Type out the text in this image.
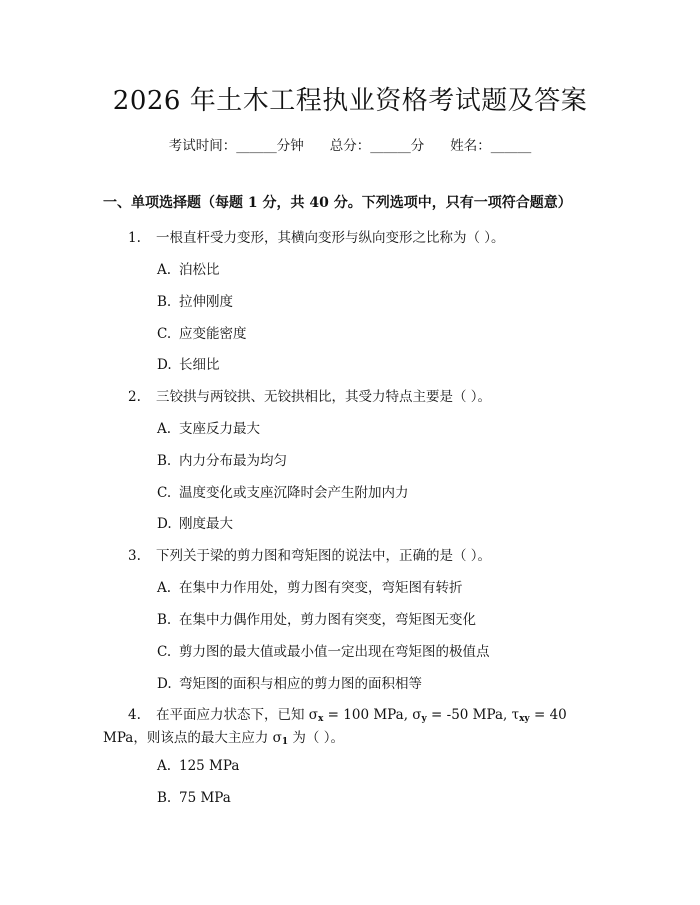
2026 年土木工程执业资格考试题及答案
考试时间：______分钟 总分：______分 姓名：______
一、单项选择题（每题 1 分，共 40 分。下列选项中，只有一项符合题意）
1. 一根直杆受力变形，其横向变形与纵向变形之比称为（ ）。
A. 泊松比
B. 拉伸刚度
C. 应变能密度
D. 长细比
2. 三铰拱与两铰拱、无铰拱相比，其受力特点主要是（ ）。
A. 支座反力最大
B. 内力分布最为均匀
C. 温度变化或支座沉降时会产生附加内力
D. 刚度最大
3. 下列关于梁的剪力图和弯矩图的说法中，正确的是（ ）。
A. 在集中力作用处，剪力图有突变，弯矩图有转折
B. 在集中力偶作用处，剪力图有突变，弯矩图无变化
C. 剪力图的最大值或最小值一定出现在弯矩图的极值点
D. 弯矩图的面积与相应的剪力图的面积相等
4. 在平面应力状态下，已知 $\sigma_x = 100$ MPa, $\sigma_y = -50$ MPa, $\tau_{xy} = 40$
MPa，则该点的最大主应力 $\sigma_1$ 为（ ）。
A. 125 MPa
B. 75 MPa
